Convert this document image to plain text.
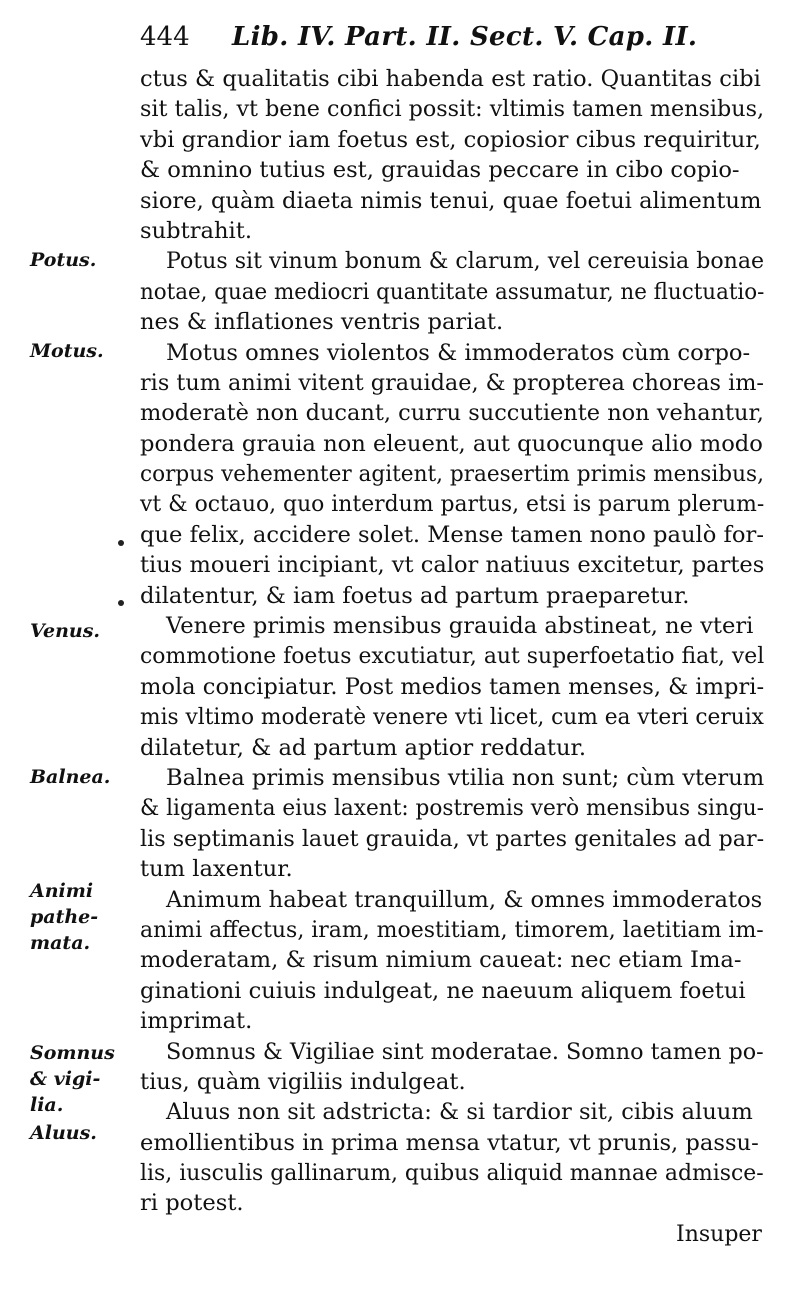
444 Lib. IV. Part. II. Sect. V. Cap. II.
Potus.
Motus.
Venus.
Balnea.
Animi
pathe-
mata.
Somnus
& vigi-
lia.
Aluus.
ctus & qualitatis cibi habenda est ratio. Quantitas cibi
sit talis, vt bene confici possit: vltimis tamen mensibus,
vbi grandior iam foetus est, copiosior cibus requiritur,
& omnino tutius est, grauidas peccare in cibo copio-
siore, quàm diaeta nimis tenui, quae foetui alimentum
subtrahit.
Potus sit vinum bonum & clarum, vel cereuisia bonae
notae, quae mediocri quantitate assumatur, ne fluctuatio-
nes & inflationes ventris pariat.
Motus omnes violentos & immoderatos cùm corpo-
ris tum animi vitent grauidae, & propterea choreas im-
moderatè non ducant, curru succutiente non vehantur,
pondera grauia non eleuent, aut quocunque alio modo
corpus vehementer agitent, praesertim primis mensibus,
vt & octauo, quo interdum partus, etsi is parum plerum-
que felix, accidere solet. Mense tamen nono paulò for-
tius moueri incipiant, vt calor natiuus excitetur, partes
dilatentur, & iam foetus ad partum praeparetur.
Venere primis mensibus grauida abstineat, ne vteri
commotione foetus excutiatur, aut superfoetatio fiat, vel
mola concipiatur. Post medios tamen menses, & impri-
mis vltimo moderatè venere vti licet, cum ea vteri ceruix
dilatetur, & ad partum aptior reddatur.
Balnea primis mensibus vtilia non sunt; cùm vterum
& ligamenta eius laxent: postremis verò mensibus singu-
lis septimanis lauet grauida, vt partes genitales ad par-
tum laxentur.
Animum habeat tranquillum, & omnes immoderatos
animi affectus, iram, moestitiam, timorem, laetitiam im-
moderatam, & risum nimium caueat: nec etiam Ima-
ginationi cuiuis indulgeat, ne naeuum aliquem foetui
imprimat.
Somnus & Vigiliae sint moderatae. Somno tamen po-
tius, quàm vigiliis indulgeat.
Aluus non sit adstricta: & si tardior sit, cibis aluum
emollientibus in prima mensa vtatur, vt prunis, passu-
lis, iusculis gallinarum, quibus aliquid mannae admisce-
ri potest.
Insuper
